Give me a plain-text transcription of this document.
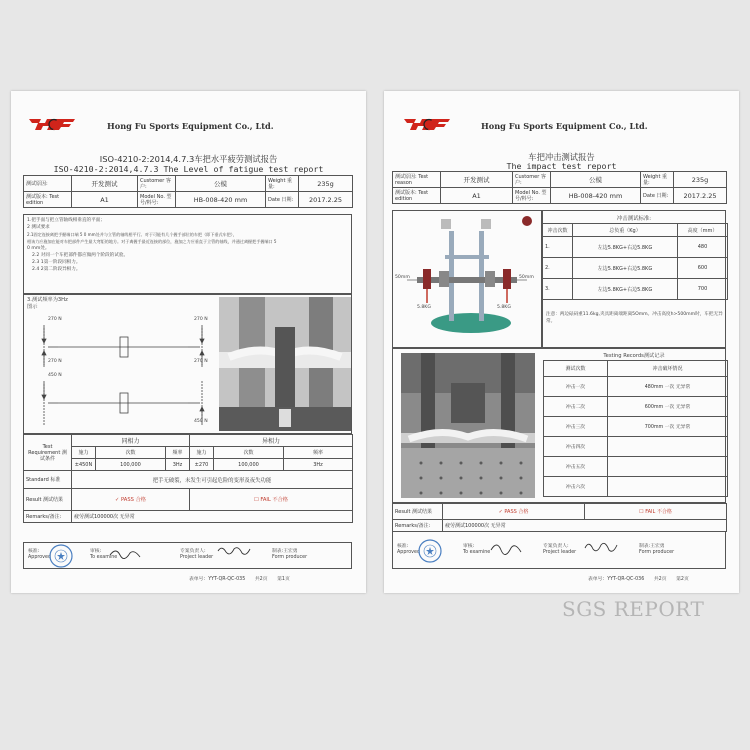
Hong Fu Sports Equipment Co., Ltd.
ISO-4210-2:2014,4.7.3车把水平疲劳测试报告
ISO-4210-2:2014,4.7.3 The Level of fatigue test report
测试原因:	开发测试	Customer 客户:	公模	Weight 重量:	235g
测试版本: Test edition	A1	Model No. 型号/料号:	HB-008-420 mm	Date 日期:	2017.2.25
1.把手面与把立管轴线相垂直的平面；
2 测试要求
2.1固定连接离把手握端口端 5 0 mm处并与立管的轴线相平行。对于可能有几个握手部位的车把（即下垂式车把），
相该力应施加在能对车把部件产生最大弯矩的地方。对于离握手最近连接的部位，施加之力应垂直于立管的轴线，并通过离握把手握端口 5
0 mm处。
2.2 对同一个车把部件都应做两个阶段的试验。
2.3 1第一阶段同相力。
2.4 2第二阶段异相力。
3.测试频率为3Hz
图示
270 N
270 N
270 N
270 N
450 N
450 N
Test Requirement 测试条件	同相力			异相力		
	施力	次数	频率	施力	次数	频率
	±450N	100,000	3Hz	±270	100,000	3Hz
Standard 标准	把手无破裂，未发生可引起危险的变形及夜失功能					
Result 测试结果	✓ PASS 合格			☐ FAIL 不合格		
Remarks/备注:	疲劳测试100000次 无异常					
核准:
Approved
审核:
To examine
专案负责人:
Project leader
制表:王宏勇
Form producer
表单号：YYT-QR-QC-035　　共2页　　第1页
Hong Fu Sports Equipment Co., Ltd.
车把冲击测试报告
The impact test report
测试原因: Test reason	开发测试	Customer 客户:	公模	Weight 重量:	235g
测试版本: Test edition	A1	Model No. 型号/料号:	HB-008-420 mm	Date 日期:	2017.2.25
50mm	50mm
5.8KG	5.8KG
冲击测试标准:
冲击次数	总负重（Kg）	高度（mm）
1.	左边5.8KG+右边5.8KG	480
2.	左边5.8KG+右边5.8KG	600
3.	左边5.8KG+右边5.8KG	700
注意：两边砝码重11.6kg,夹具距离端距离5Omm。冲击高度h>500mm时，车把无异常。
Testing Records测试记录
测试次数	冲击破坏情况
冲击一次	480mm 一次 无异常
冲击二次	600mm 一次 无异常
冲击三次	700mm 一次 无异常
冲击四次	
冲击五次	
冲击六次	
Result 测试结果	✓ PASS 合格	☐ FAIL 不合格
Remarks/备注:	疲劳测试100000次 无异常	
核准:
Approved
审核:
To examine
专案负责人:
Project leader
制表:王宏勇
Form producer
表单号：YYT-QR-QC-036　　共2页　　第2页
SGS REPORT
